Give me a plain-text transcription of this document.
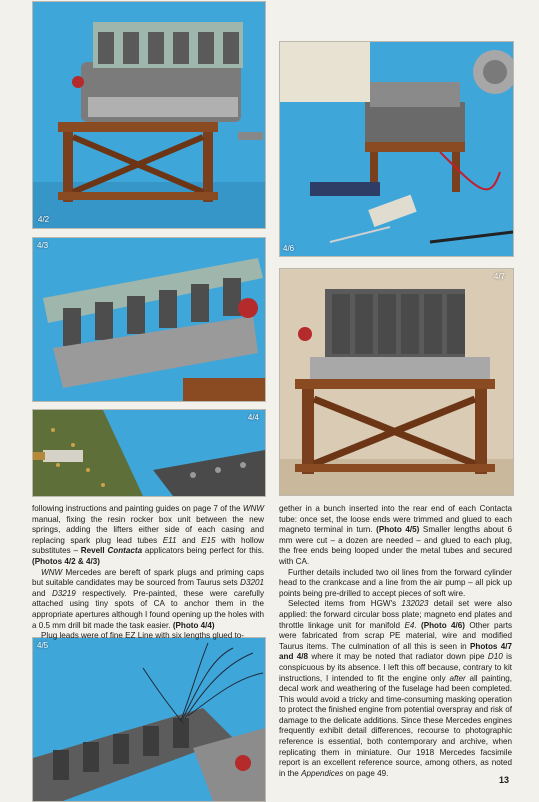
4/2
4/3
4/4
4/6
4/7
4/5

following instructions and painting guides on page 7 of the WNW manual, fixing the resin rocker box unit between the new springs, adding the lifters either side of each casing and replacing spark plug lead tubes E11 and E15 with hollow substitutes – Revell Contacta applicators being perfect for this. (Photos 4/2 & 4/3)

WNW Mercedes are bereft of spark plugs and priming caps but suitable candidates may be sourced from Taurus sets D3201 and D3219 respectively. Pre-painted, these were carefully attached using tiny spots of CA to anchor them in the appropriate apertures although I found opening up the holes with a 0.5 mm drill bit made the task easier. (Photo 4/4)

Plug leads were of fine EZ Line with six lengths glued to-

gether in a bunch inserted into the rear end of each Contacta tube: once set, the loose ends were trimmed and glued to each magneto terminal in turn. (Photo 4/5) Smaller lengths about 6 mm were cut – a dozen are needed – and glued to each plug, the free ends being looped under the metal tubes and secured with CA.

Further details included two oil lines from the forward cylinder head to the crankcase and a line from the air pump – all pick up points being pre-drilled to accept pieces of soft wire.

Selected items from HGW's 132023 detail set were also applied: the forward circular boss plate; magneto end plates and throttle linkage unit for manifold E4. (Photo 4/6) Other parts were fabricated from scrap PE material, wire and modified Taurus items. The culmination of all this is seen in Photos 4/7 and 4/8 where it may be noted that radiator down pipe D10 is conspicuous by its absence. I left this off because, contrary to kit instructions, I intended to fit the engine only after all painting, decal work and weathering of the fuselage had been completed. This would avoid a tricky and time-consuming masking operation to protect the finished engine from potential overspray and risk of damage to the delicate additions. Since these Mercedes engines frequently exhibit detail differences, recourse to photographic reference is essential, both contemporary and archive, when replicating them in miniature. Our 1918 Mercedes facsimile report is an excellent reference source, among others, as noted in the Appendices on page 49.

13
